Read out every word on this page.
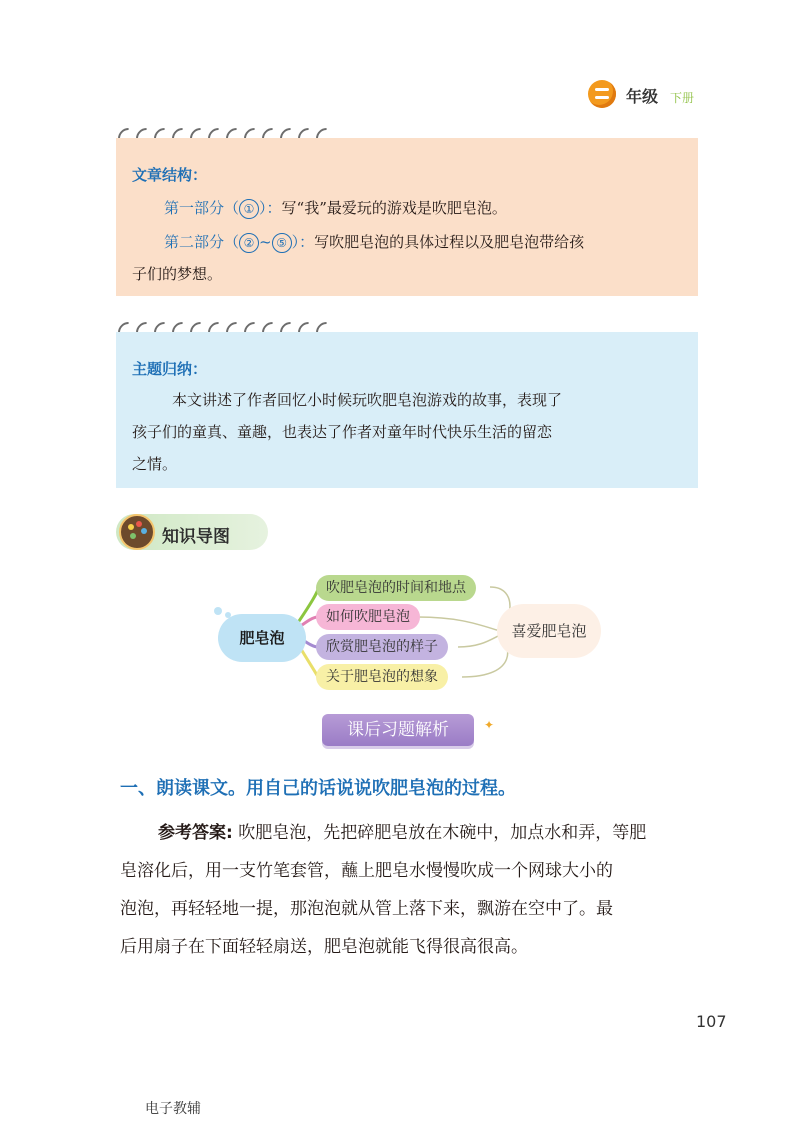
年级 下册
文章结构：
第一部分（ ① ）：写“我”最爱玩的游戏是吹肥皂泡。
第二部分（ ② ~ ⑤ ）：写吹肥皂泡的具体过程以及肥皂泡带给孩
子们的梦想。
主题归纳：
本文讲述了作者回忆小时候玩吹肥皂泡游戏的故事，表现了
孩子们的童真、童趣，也表达了作者对童年时代快乐生活的留恋
之情。
知识导图
肥皂泡
吹肥皂泡的时间和地点
如何吹肥皂泡
欣赏肥皂泡的样子
关于肥皂泡的想象
喜爱肥皂泡
课后习题解析	✦
一、朗读课文。用自己的话说说吹肥皂泡的过程。
参考答案: 吹肥皂泡，先把碎肥皂放在木碗中，加点水和弄，等肥
皂溶化后，用一支竹笔套管，蘸上肥皂水慢慢吹成一个网球大小的
泡泡，再轻轻地一提，那泡泡就从管上落下来，飘游在空中了。最
后用扇子在下面轻轻扇送，肥皂泡就能飞得很高很高。
107
电子教辅
